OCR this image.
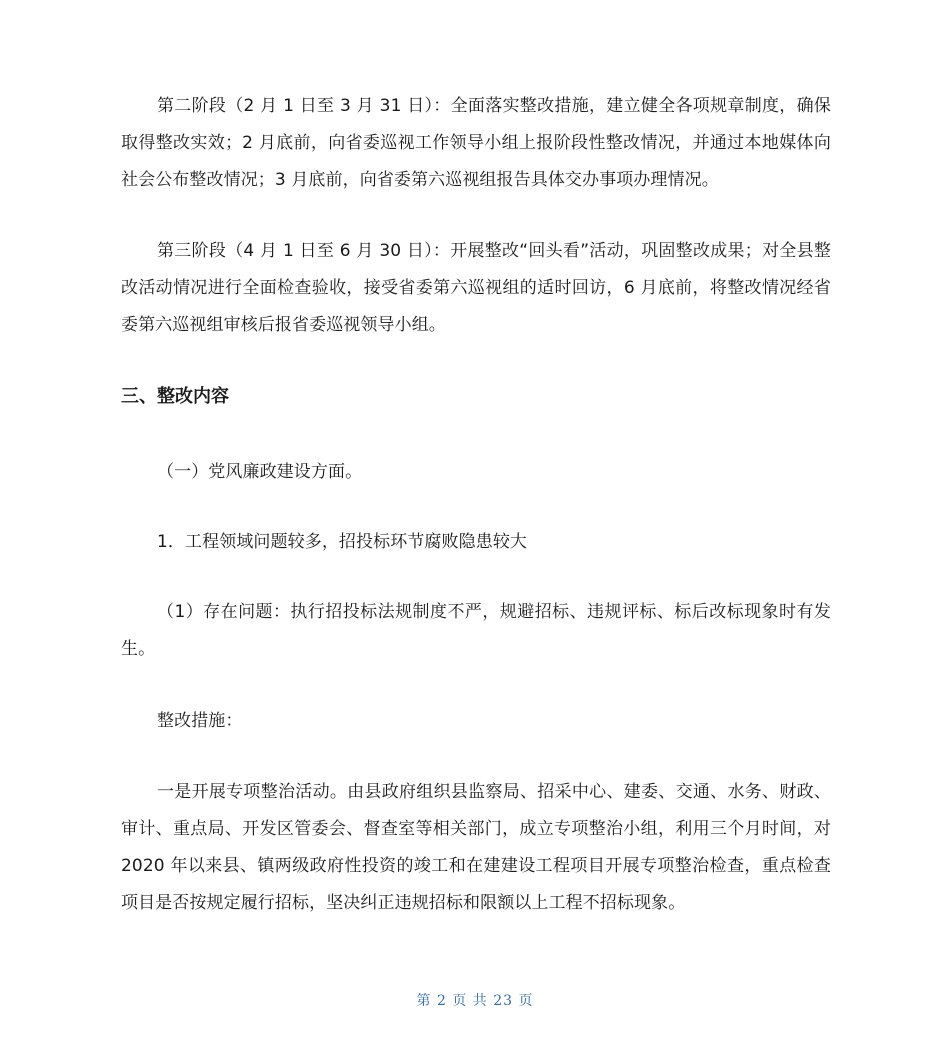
第二阶段（2 月 1 日至 3 月 31 日）：全面落实整改措施，建立健全各项规章制度，确保取得整改实效；2 月底前，向省委巡视工作领导小组上报阶段性整改情况，并通过本地媒体向社会公布整改情况；3 月底前，向省委第六巡视组报告具体交办事项办理情况。

第三阶段（4 月 1 日至 6 月 30 日）：开展整改“回头看”活动，巩固整改成果；对全县整改活动情况进行全面检查验收，接受省委第六巡视组的适时回访，6 月底前，将整改情况经省委第六巡视组审核后报省委巡视领导小组。

三、整改内容

（一）党风廉政建设方面。

1．工程领域问题较多，招投标环节腐败隐患较大

（1）存在问题：执行招投标法规制度不严，规避招标、违规评标、标后改标现象时有发生。

整改措施：

一是开展专项整治活动。由县政府组织县监察局、招采中心、建委、交通、水务、财政、审计、重点局、开发区管委会、督查室等相关部门，成立专项整治小组，利用三个月时间，对 2020 年以来县、镇两级政府性投资的竣工和在建建设工程项目开展专项整治检查，重点检查项目是否按规定履行招标，坚决纠正违规招标和限额以上工程不招标现象。

第 2 页 共 23 页
